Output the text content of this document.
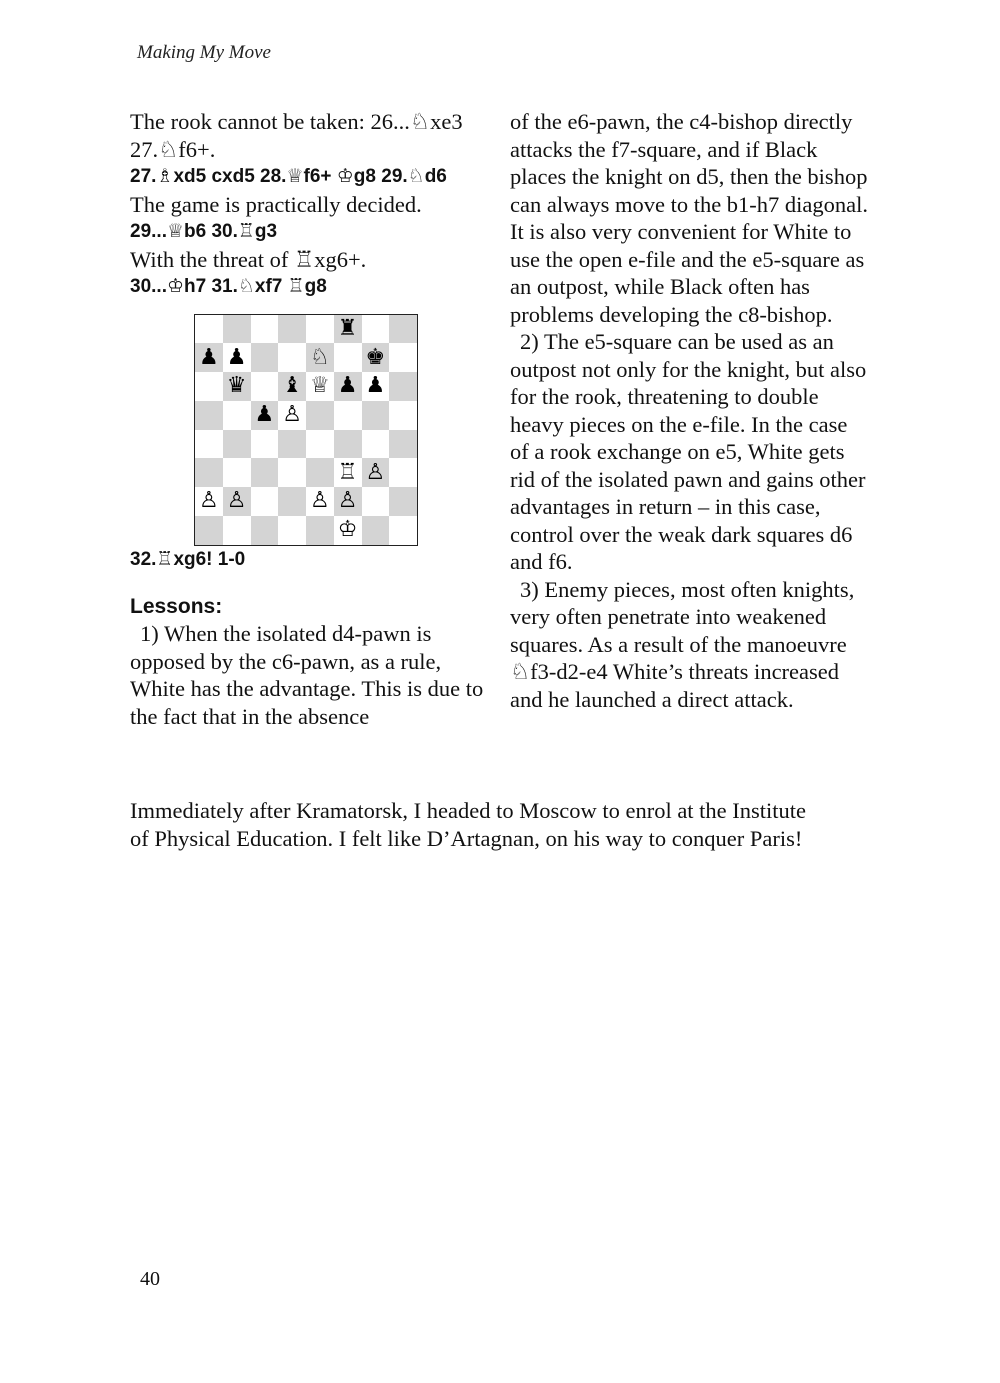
Making My Move

The rook cannot be taken: 26...♘xe3 27.♘f6+.

27.♗xd5 cxd5 28.♕f6+ ♔g8 29.♘d6

The game is practically decided.

29...♕b6 30.♖g3

With the threat of ♖xg6+.

30...♔h7 31.♘xf7 ♖g8

♜
♟ ♟	♘ ♚
♛ ♝ ♕ ♟ ♟
♟ ♙
♖ ♙
♙ ♙	♙ ♙
♔

32.♖xg6! 1-0

Lessons:

1) When the isolated d4-pawn is opposed by the c6-pawn, as a rule, White has the advantage. This is due to the fact that in the absence

of the e6-pawn, the c4-bishop directly attacks the f7-square, and if Black places the knight on d5, then the bishop can always move to the b1-h7 diagonal. It is also very convenient for White to use the open e-file and the e5-square as an outpost, while Black often has problems developing the c8-bishop.

2) The e5-square can be used as an outpost not only for the knight, but also for the rook, threatening to double heavy pieces on the e-file. In the case of a rook exchange on e5, White gets rid of the isolated pawn and gains other advantages in return – in this case, control over the weak dark squares d6 and f6.

3) Enemy pieces, most often knights, very often penetrate into weakened squares. As a result of the manoeuvre ♘f3-d2-e4 White’s threats increased and he launched a direct attack.

Immediately after Kramatorsk, I headed to Moscow to enrol at the Institute of Physical Education. I felt like D’Artagnan, on his way to conquer Paris!

40
